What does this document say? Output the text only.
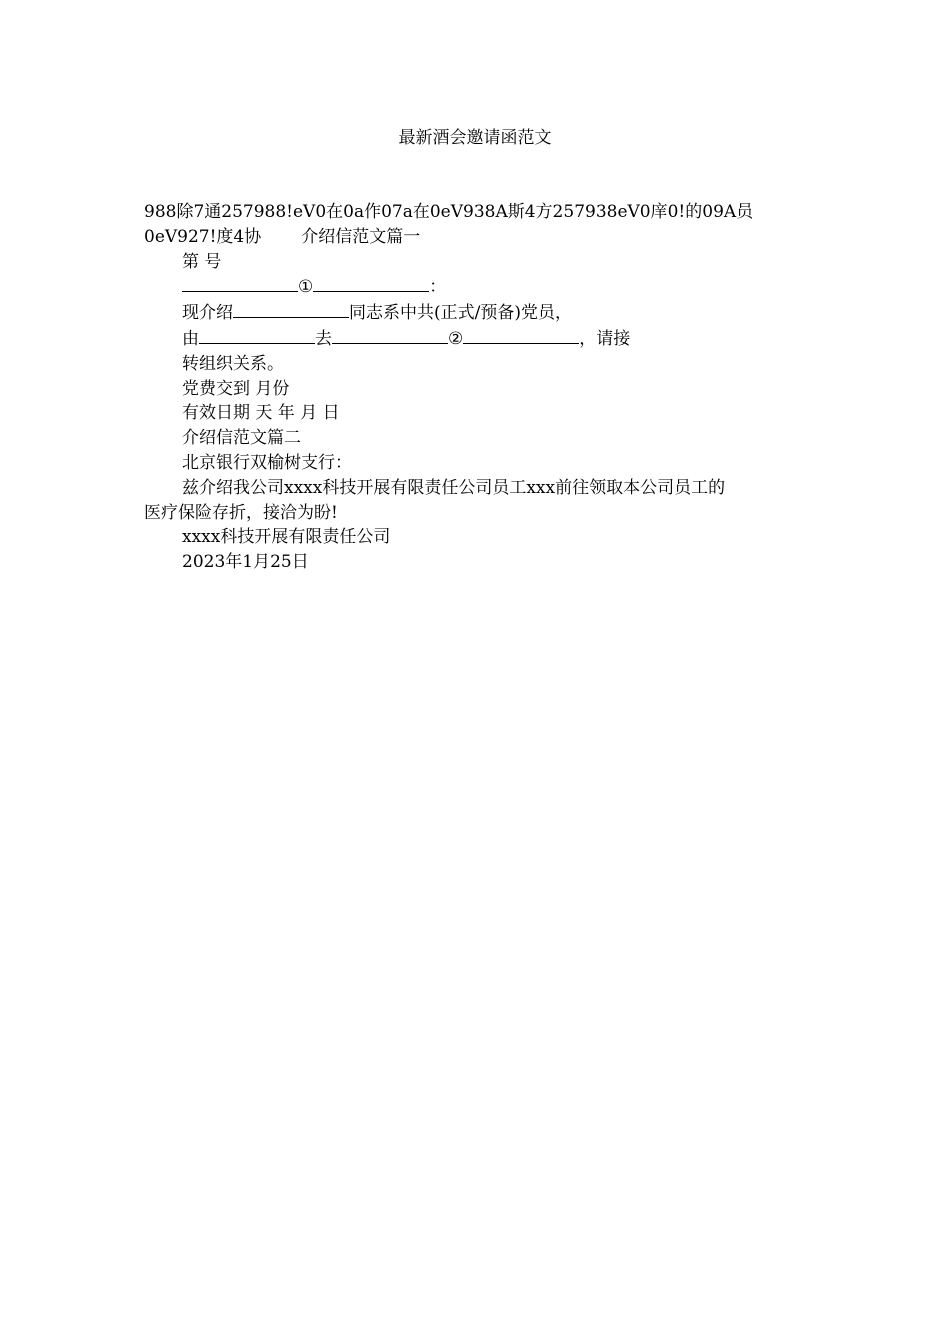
最新酒会邀请函范文

988除7通257988!eV0在0a作07a在0eV938A斯4方257938eV0庠0!的09A员

0eV927!度4协 介绍信范文篇一

第 号

①	：

现介绍	同志系中共(正式/预备)党员，

由	去	②	，请接

转组织关系。

党费交到 月份

有效日期 天 年 月 日

介绍信范文篇二

北京银行双榆树支行：

兹介绍我公司xxxx科技开展有限责任公司员工xxx前往领取本公司员工的

医疗保险存折，接洽为盼!

xxxx科技开展有限责任公司

2023年1月25日
